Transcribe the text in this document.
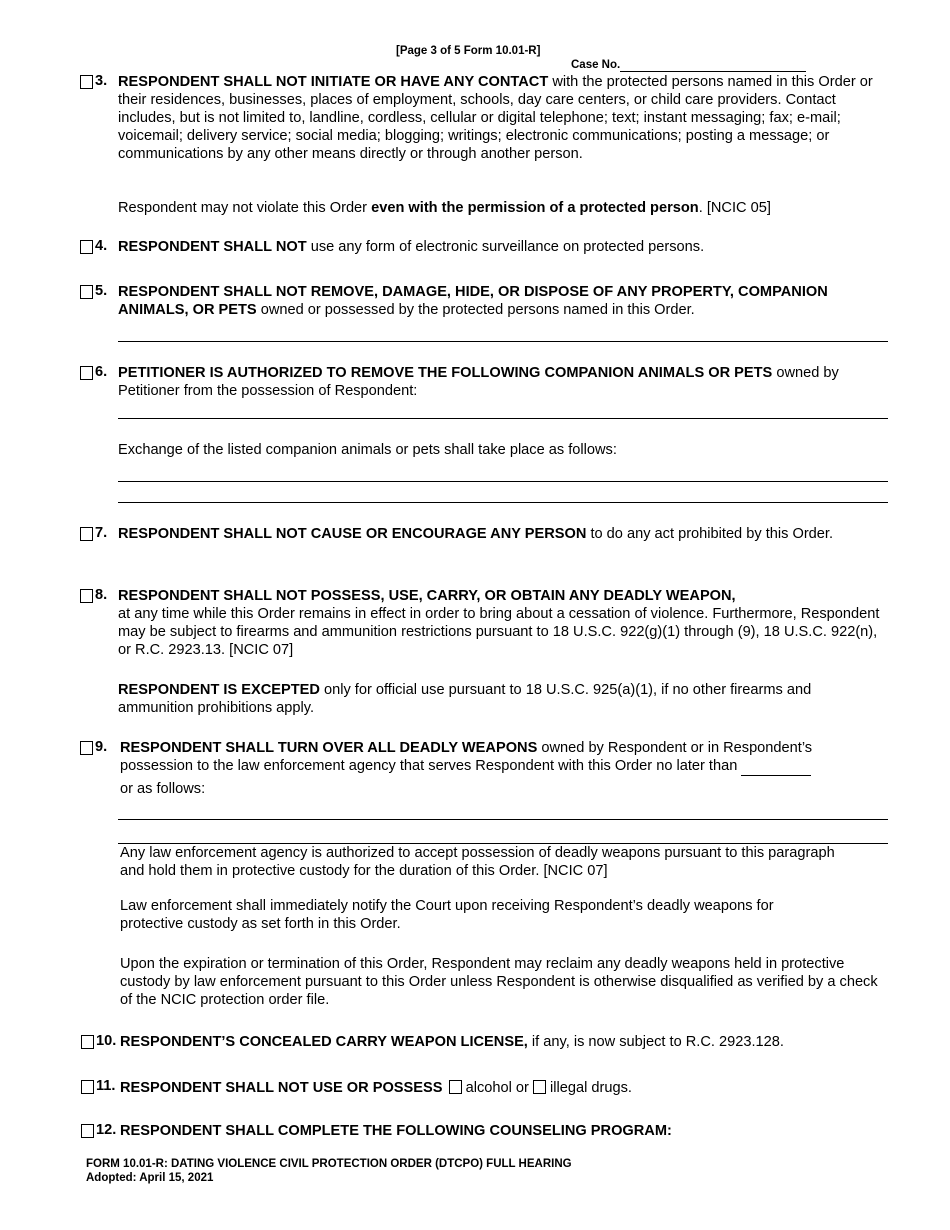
[Page 3 of 5 Form 10.01-R]
Case No.
3. RESPONDENT SHALL NOT INITIATE OR HAVE ANY CONTACT with the protected persons named in this Order or their residences, businesses, places of employment, schools, day care centers, or child care providers. Contact includes, but is not limited to, landline, cordless, cellular or digital telephone; text; instant messaging; fax; e-mail; voicemail; delivery service; social media; blogging; writings; electronic communications; posting a message; or communications by any other means directly or through another person.
Respondent may not violate this Order even with the permission of a protected person. [NCIC 05]
4. RESPONDENT SHALL NOT use any form of electronic surveillance on protected persons.
5. RESPONDENT SHALL NOT REMOVE, DAMAGE, HIDE, OR DISPOSE OF ANY PROPERTY, COMPANION ANIMALS, OR PETS owned or possessed by the protected persons named in this Order.
6. PETITIONER IS AUTHORIZED TO REMOVE THE FOLLOWING COMPANION ANIMALS OR PETS owned by Petitioner from the possession of Respondent:
Exchange of the listed companion animals or pets shall take place as follows:
7. RESPONDENT SHALL NOT CAUSE OR ENCOURAGE ANY PERSON to do any act prohibited by this Order.
8. RESPONDENT SHALL NOT POSSESS, USE, CARRY, OR OBTAIN ANY DEADLY WEAPON,
at any time while this Order remains in effect in order to bring about a cessation of violence. Furthermore, Respondent may be subject to firearms and ammunition restrictions pursuant to 18 U.S.C. 922(g)(1) through (9), 18 U.S.C. 922(n), or R.C. 2923.13. [NCIC 07]
RESPONDENT IS EXCEPTED only for official use pursuant to 18 U.S.C. 925(a)(1), if no other firearms and ammunition prohibitions apply.
9. RESPONDENT SHALL TURN OVER ALL DEADLY WEAPONS owned by Respondent or in Respondent’s possession to the law enforcement agency that serves Respondent with this Order no later than
or as follows:
Any law enforcement agency is authorized to accept possession of deadly weapons pursuant to this paragraph and hold them in protective custody for the duration of this Order. [NCIC 07]
Law enforcement shall immediately notify the Court upon receiving Respondent’s deadly weapons for protective custody as set forth in this Order.
Upon the expiration or termination of this Order, Respondent may reclaim any deadly weapons held in protective custody by law enforcement pursuant to this Order unless Respondent is otherwise disqualified as verified by a check of the NCIC protection order file.
10. RESPONDENT’S CONCEALED CARRY WEAPON LICENSE, if any, is now subject to R.C. 2923.128.
11. RESPONDENT SHALL NOT USE OR POSSESS alcohol or illegal drugs.
12. RESPONDENT SHALL COMPLETE THE FOLLOWING COUNSELING PROGRAM:
FORM 10.01-R: DATING VIOLENCE CIVIL PROTECTION ORDER (DTCPO) FULL HEARING
Adopted: April 15, 2021
